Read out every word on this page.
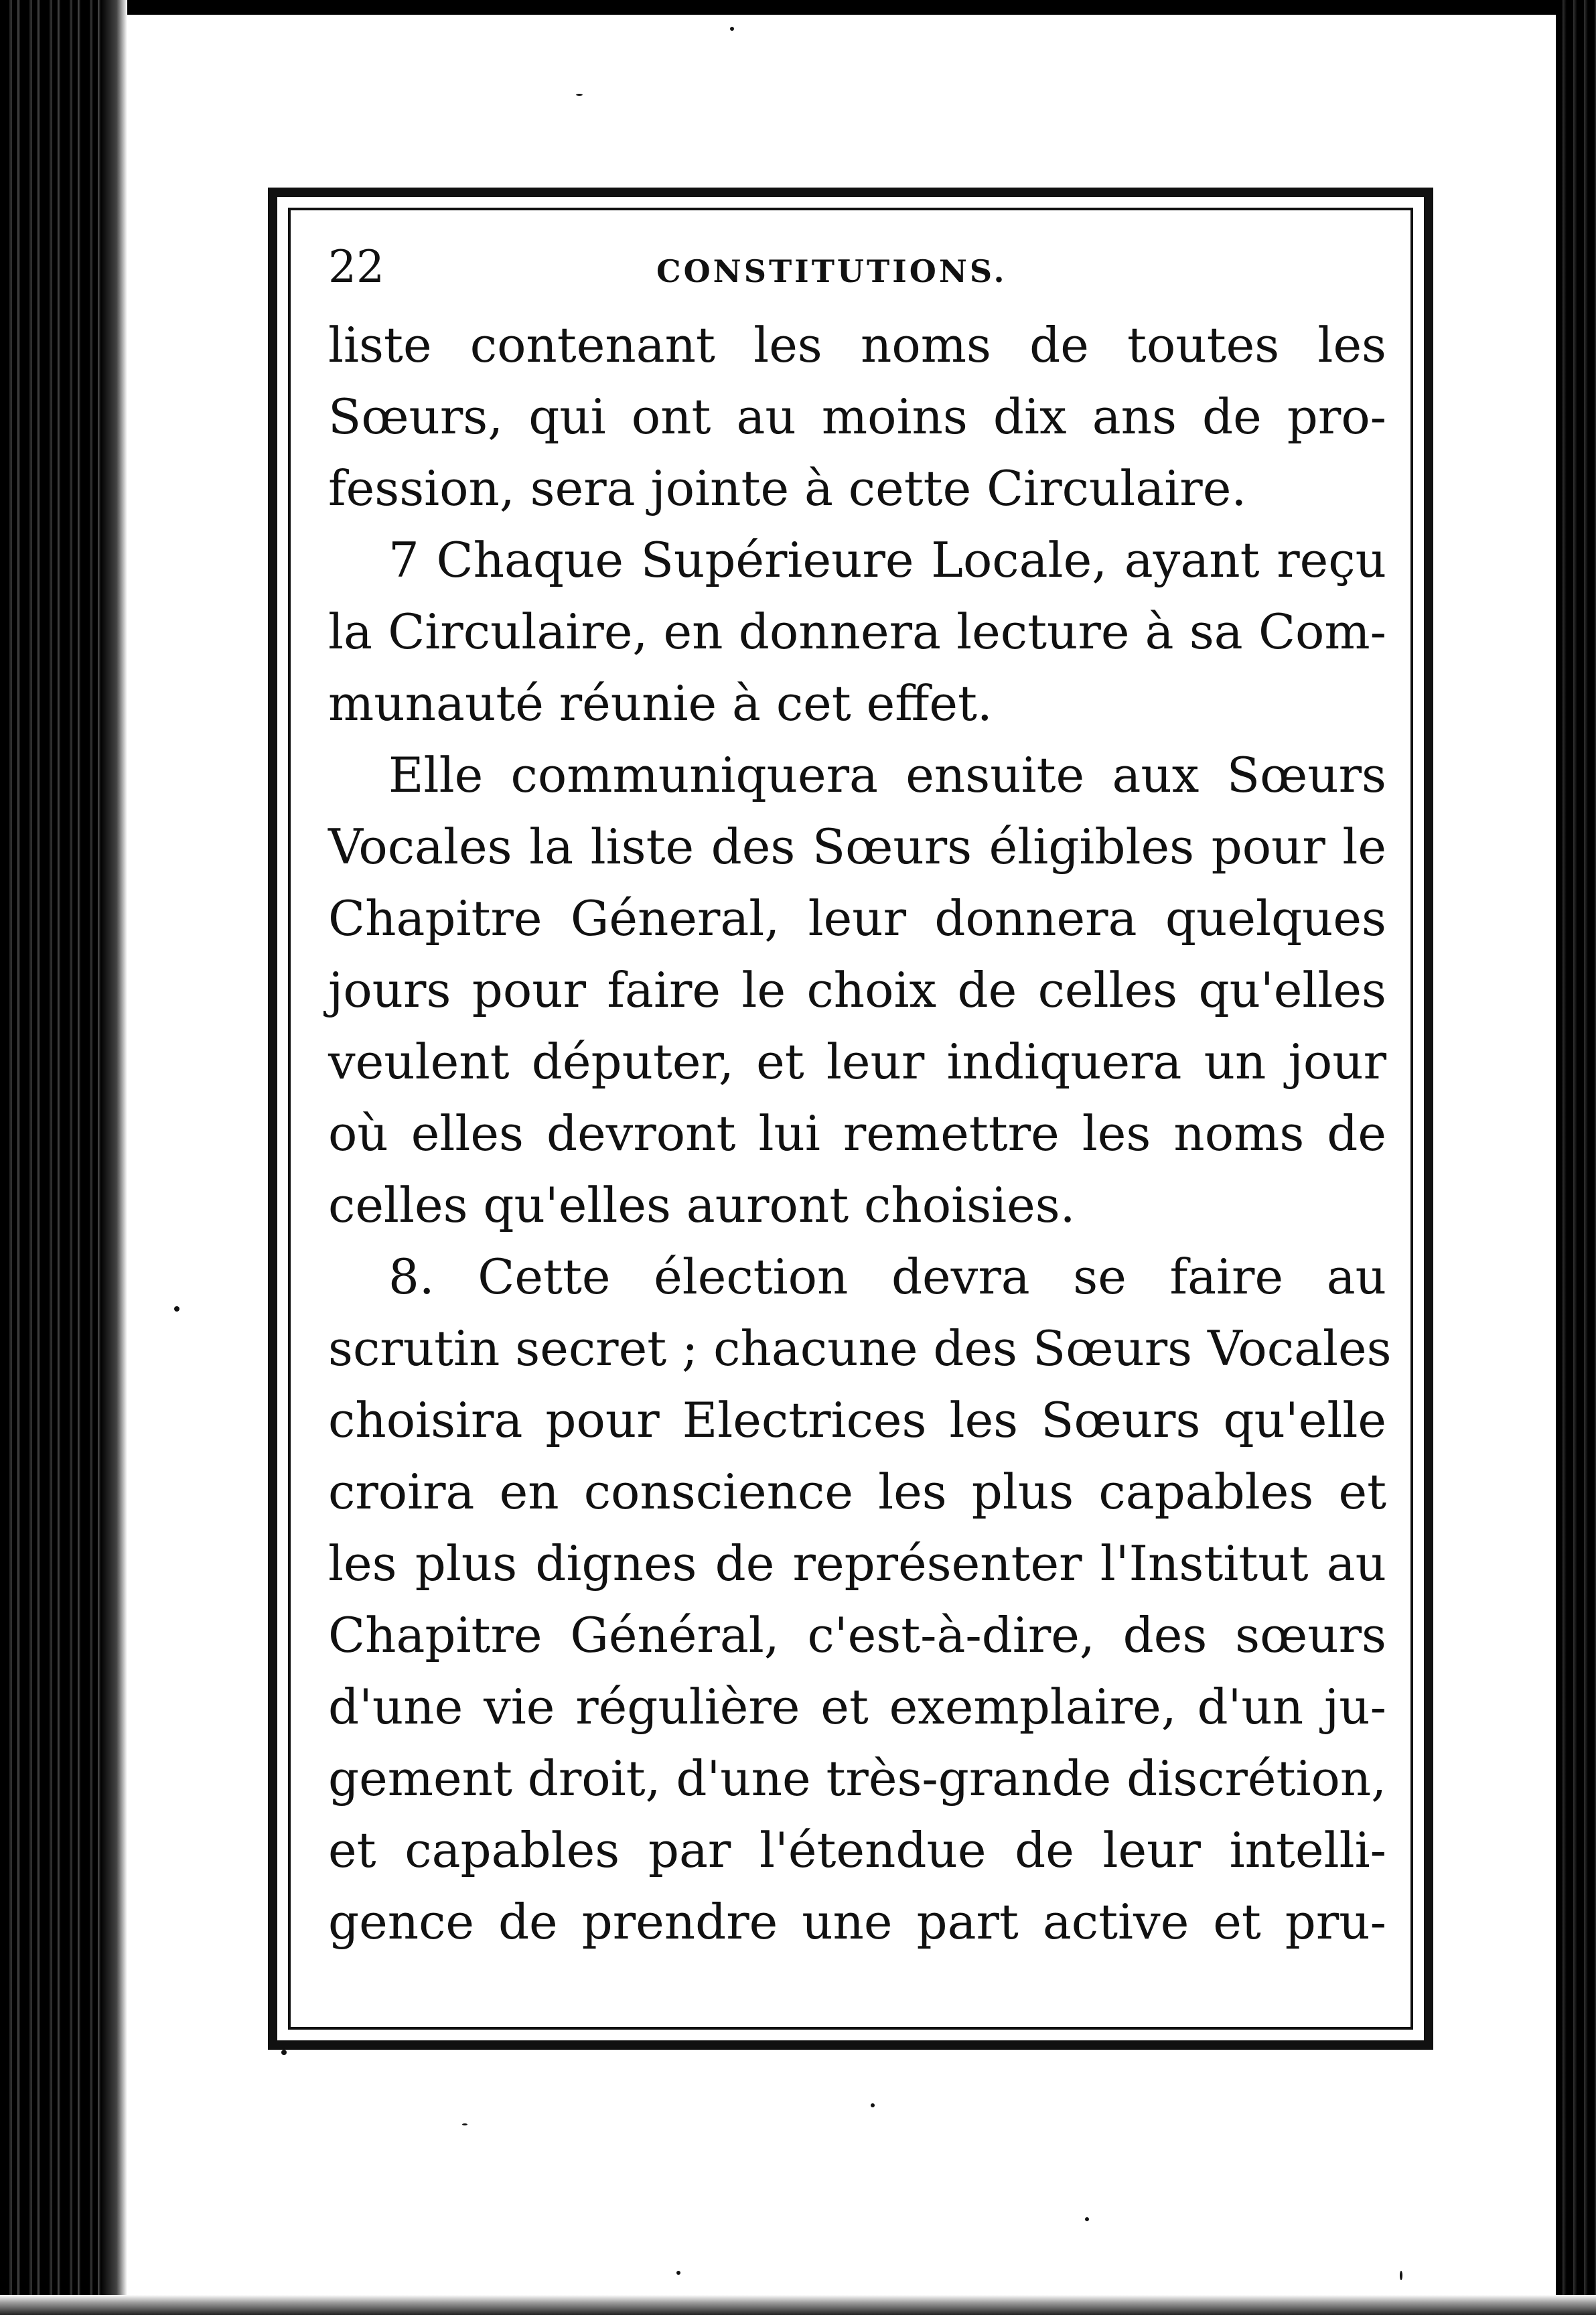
22	CONSTITUTIONS.

liste contenant les noms de toutes les
Sœurs, qui ont au moins dix ans de pro-
fession, sera jointe à cette Circulaire.

7 Chaque Supérieure Locale, ayant reçu
la Circulaire, en donnera lecture à sa Com-
munauté réunie à cet effet.

Elle communiquera ensuite aux Sœurs
Vocales la liste des Sœurs éligibles pour le
Chapitre Géneral, leur donnera quelques
jours pour faire le choix de celles qu'elles
veulent députer, et leur indiquera un jour
où elles devront lui remettre les noms de
celles qu'elles auront choisies.

8. Cette élection devra se faire au
scrutin secret ; chacune des Sœurs Vocales
choisira pour Electrices les Sœurs qu'elle
croira en conscience les plus capables et
les plus dignes de représenter l'Institut au
Chapitre Général, c'est-à-dire, des sœurs
d'une vie régulière et exemplaire, d'un ju-
gement droit, d'une très-grande discrétion,
et capables par l'étendue de leur intelli-
gence de prendre une part active et pru-
